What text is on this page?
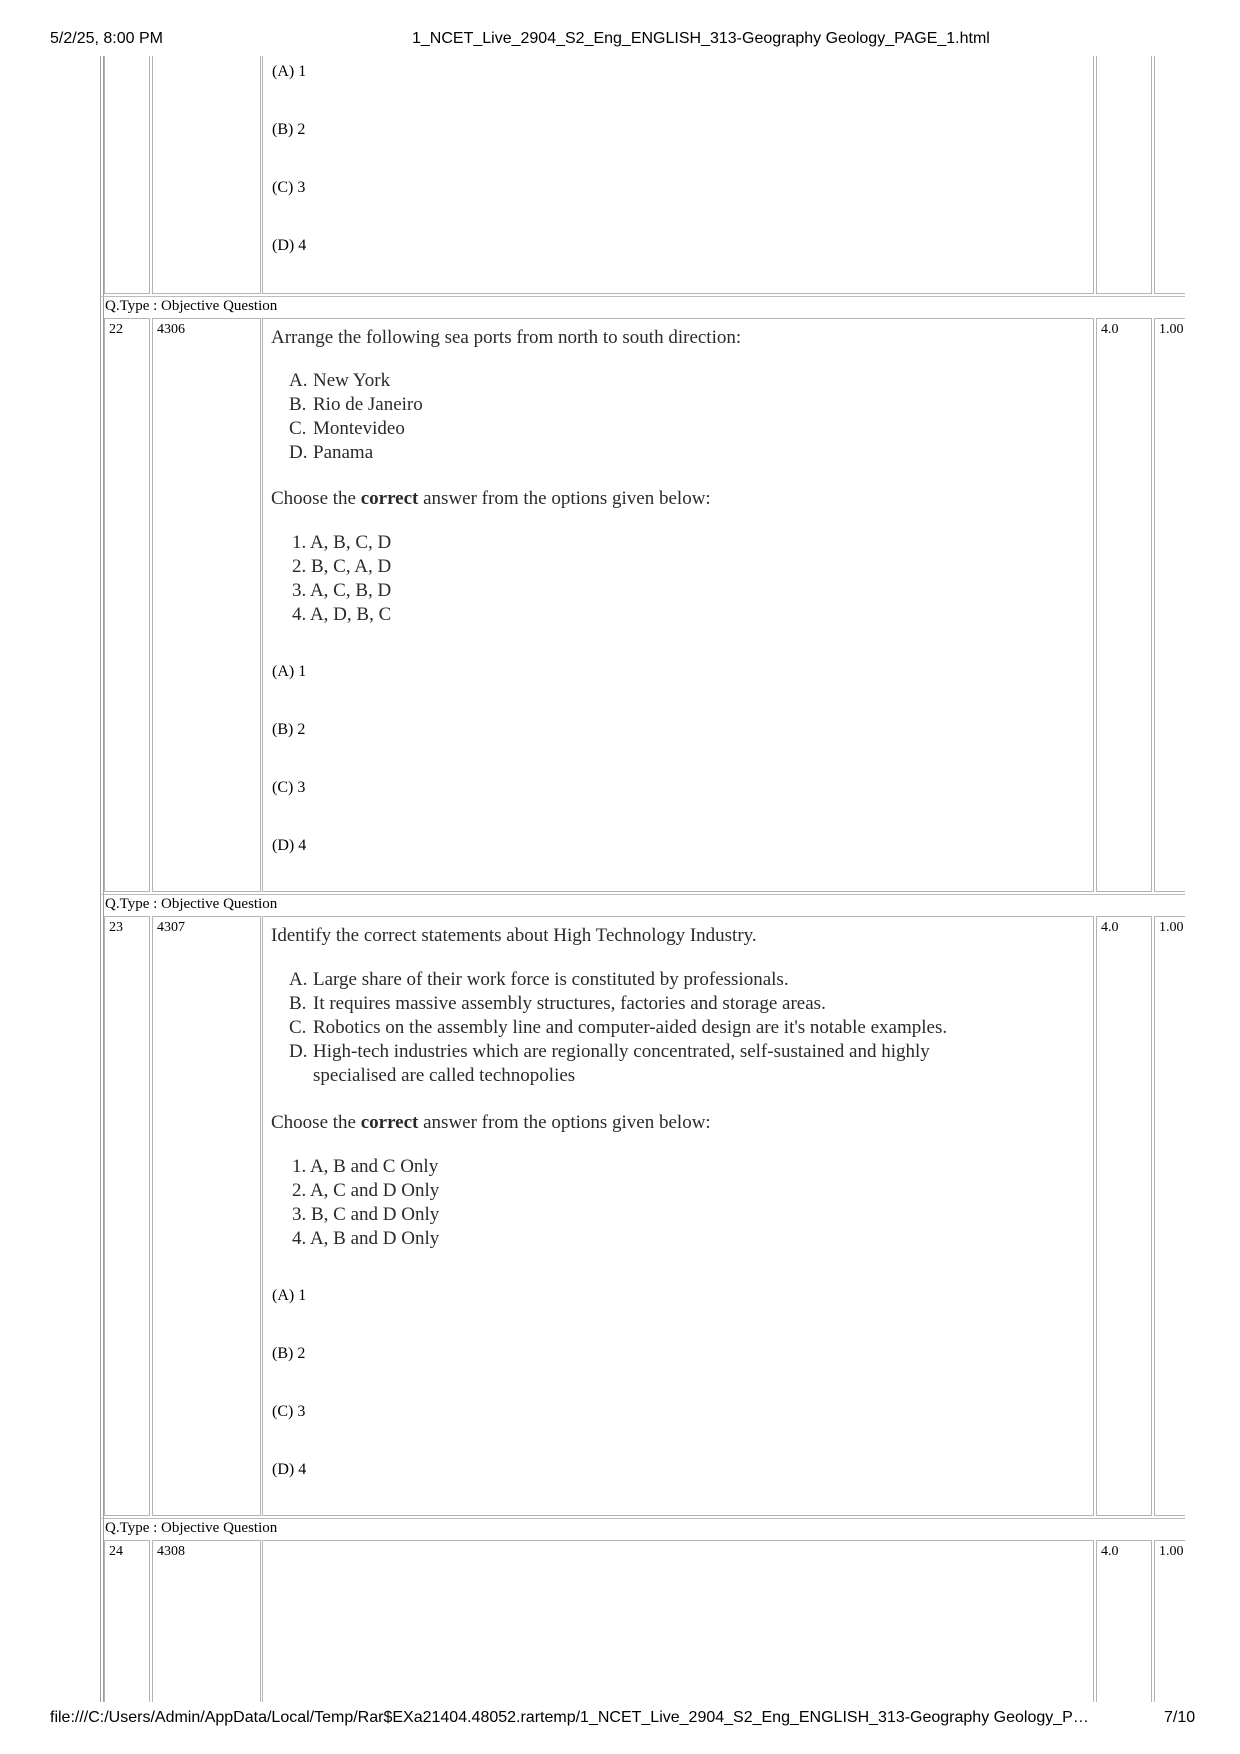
5/2/25, 8:00 PM	1_NCET_Live_2904_S2_Eng_ENGLISH_313-Geography Geology_PAGE_1.html
(A) 1
(B) 2
(C) 3
(D) 4
Q.Type : Objective Question
22 4306	Arrange the following sea ports from north to south direction:
A. New York
B. Rio de Janeiro
C. Montevideo
D. Panama
Choose the correct answer from the options given below:
1. A, B, C, D
2. B, C, A, D
3. A, C, B, D
4. A, D, B, C
(A) 1
(B) 2
(C) 3
(D) 4
4.0	1.00
Q.Type : Objective Question
23 4307	Identify the correct statements about High Technology Industry.
A. Large share of their work force is constituted by professionals.
B. It requires massive assembly structures, factories and storage areas.
C. Robotics on the assembly line and computer-aided design are it's notable examples.
D. High-tech industries which are regionally concentrated, self-sustained and highly
specialised are called technopolies
Choose the correct answer from the options given below:
1. A, B and C Only
2. A, C and D Only
3. B, C and D Only
4. A, B and D Only
(A) 1
(B) 2
(C) 3
(D) 4
4.0	1.00
Q.Type : Objective Question
24 4308	4.0	1.00
file:///C:/Users/Admin/AppData/Local/Temp/Rar$EXa21404.48052.rartemp/1_NCET_Live_2904_S2_Eng_ENGLISH_313-Geography Geology_P…	7/10
